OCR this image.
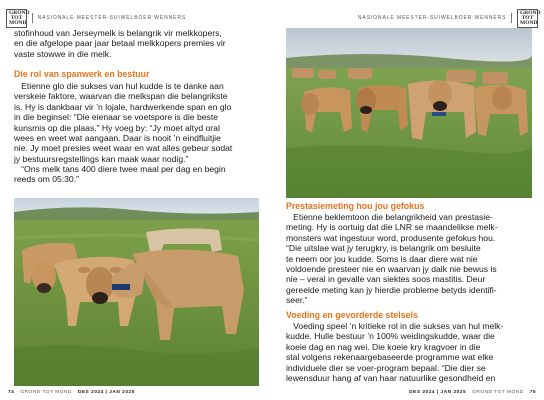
GROND TOT MOND
NASIONALE MEESTER-SUIWELBOER WENNERS
stofinhoud van Jerseymelk is belangrik vir melkkopers,
en die afgelope paar jaar betaal melkkopers premies vir
vaste stowwe in die melk.
Die rol van spanwerk en bestuur
Etienne glo die sukses van hul kudde is te danke aan
verskeie faktore, waarvan die melkspan die belangrikste
is. Hy is dankbaar vir ’n lojale, hardwerkende span en glo
in die beginsel: “Die eienaar se voetspore is die beste
kunsmis op die plaas.” Hy voeg by: “Jy moet altyd oral
wees en weet wat aangaan. Daar is nooit ’n eindfluitjie
nie. Jy moet presies weet waar en wat alles gebeur sodat
jy bestuursregstellings kan maak waar nodig.”
“Ons melk tans 400 diere twee maal per dag en begin
reeds om 05:30.”
74 GROND TOT MOND DES 2024 | JAN 2025
NASIONALE MEESTER-SUIWELBOER WENNERS
GROND TOT MOND
Prestasiemeting hou jou gefokus
Etienne beklemtoon die belangrikheid van prestasie-
meting. Hy is oortuig dat die LNR se maandelikse melk-
monsters wat ingestuur word, produsente gefokus hou.
“Die uitslae wat jy terugkry, is belangrik om besluite
te neem oor jou kudde. Soms is daar diere wat nie
voldoende presteer nie en waarvan jy dalk nie bewus is
nie – veral in gevalle van siektes soos mastitis. Deur
gereelde meting kan jy hierdie probleme betyds identifi-
seer.”
Voeding en gevorderde stelsels
Voeding speel ’n kritieke rol in die sukses van hul melk-
kudde. Hulle bestuur ’n 100% weidingskudde, waar die
koeie dag en nag wei. Die koeie kry kragvoer in die
stal volgens rekenaargebaseerde programme wat elke
individuele dier se voer-program bepaal. “Die dier se
lewensduur hang af van haar natuurlike gesondheid en
DES 2024 | JAN 2025 GROND TOT MOND 75
